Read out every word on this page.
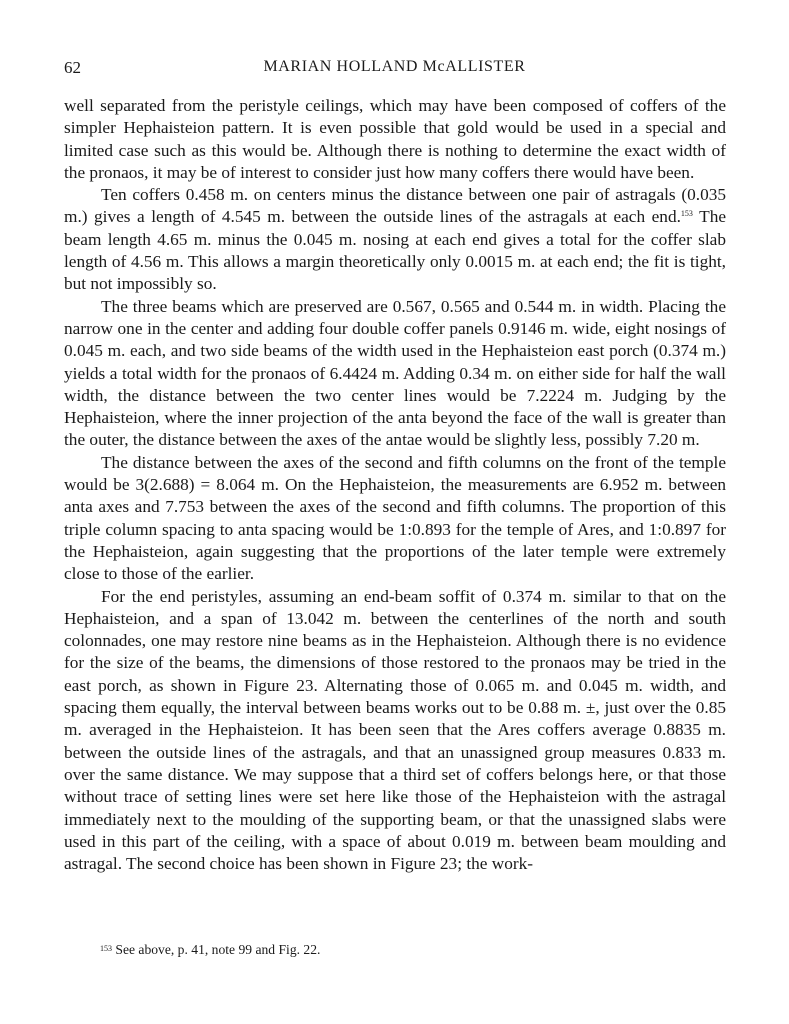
62	MARIAN HOLLAND McALLISTER

well separated from the peristyle ceilings, which may have been composed of coffers of the simpler Hephaisteion pattern. It is even possible that gold would be used in a special and limited case such as this would be. Although there is nothing to determine the exact width of the pronaos, it may be of interest to consider just how many coffers there would have been.

Ten coffers 0.458 m. on centers minus the distance between one pair of astragals (0.035 m.) gives a length of 4.545 m. between the outside lines of the astragals at each end.$^{153}$ The beam length 4.65 m. minus the 0.045 m. nosing at each end gives a total for the coffer slab length of 4.56 m. This allows a margin theoretically only 0.0015 m. at each end; the fit is tight, but not impossibly so.

The three beams which are preserved are 0.567, 0.565 and 0.544 m. in width. Placing the narrow one in the center and adding four double coffer panels 0.9146 m. wide, eight nosings of 0.045 m. each, and two side beams of the width used in the Hephaisteion east porch (0.374 m.) yields a total width for the pronaos of 6.4424 m. Adding 0.34 m. on either side for half the wall width, the distance between the two center lines would be 7.2224 m. Judging by the Hephaisteion, where the inner projection of the anta beyond the face of the wall is greater than the outer, the distance between the axes of the antae would be slightly less, possibly 7.20 m.

The distance between the axes of the second and fifth columns on the front of the temple would be 3(2.688) = 8.064 m. On the Hephaisteion, the measurements are 6.952 m. between anta axes and 7.753 between the axes of the second and fifth columns. The proportion of this triple column spacing to anta spacing would be 1:0.893 for the temple of Ares, and 1:0.897 for the Hephaisteion, again suggesting that the proportions of the later temple were extremely close to those of the earlier.

For the end peristyles, assuming an end-beam soffit of 0.374 m. similar to that on the Hephaisteion, and a span of 13.042 m. between the centerlines of the north and south colonnades, one may restore nine beams as in the Hephaisteion. Although there is no evidence for the size of the beams, the dimensions of those restored to the pronaos may be tried in the east porch, as shown in Figure 23. Alternating those of 0.065 m. and 0.045 m. width, and spacing them equally, the interval between beams works out to be 0.88 m. ±, just over the 0.85 m. averaged in the Hephaisteion. It has been seen that the Ares coffers average 0.8835 m. between the outside lines of the astragals, and that an unassigned group measures 0.833 m. over the same distance. We may suppose that a third set of coffers belongs here, or that those without trace of setting lines were set here like those of the Hephaisteion with the astragal immediately next to the moulding of the supporting beam, or that the unassigned slabs were used in this part of the ceiling, with a space of about 0.019 m. between beam moulding and astragal. The second choice has been shown in Figure 23; the work-

$^{153}$ See above, p. 41, note 99 and Fig. 22.
